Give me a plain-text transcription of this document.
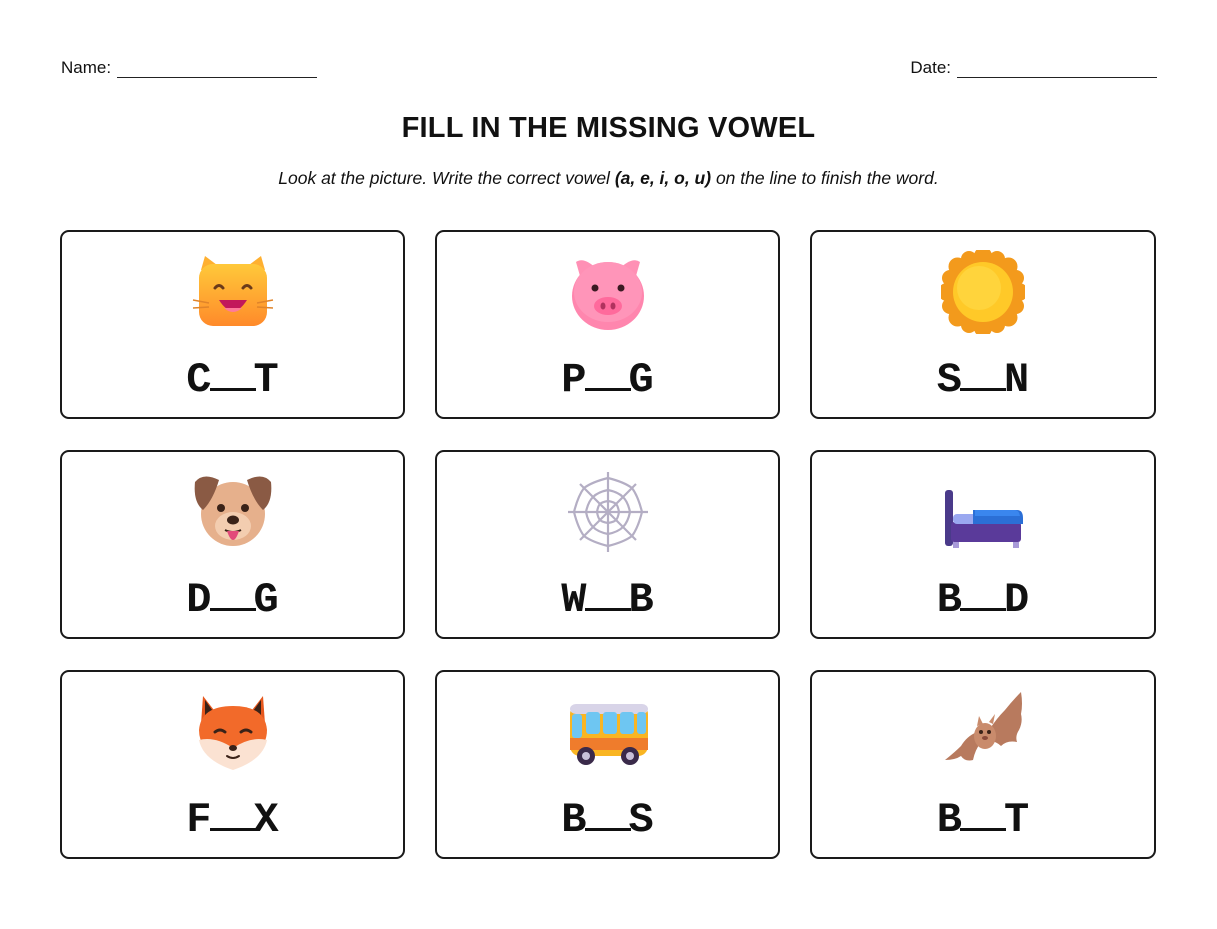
Name:	Date:
FILL IN THE MISSING VOWEL
Look at the picture. Write the correct vowel (a, e, i, o, u) on the line to finish the word.
C T	P G	S N
D G	W B	B D
F X	B S	B T
